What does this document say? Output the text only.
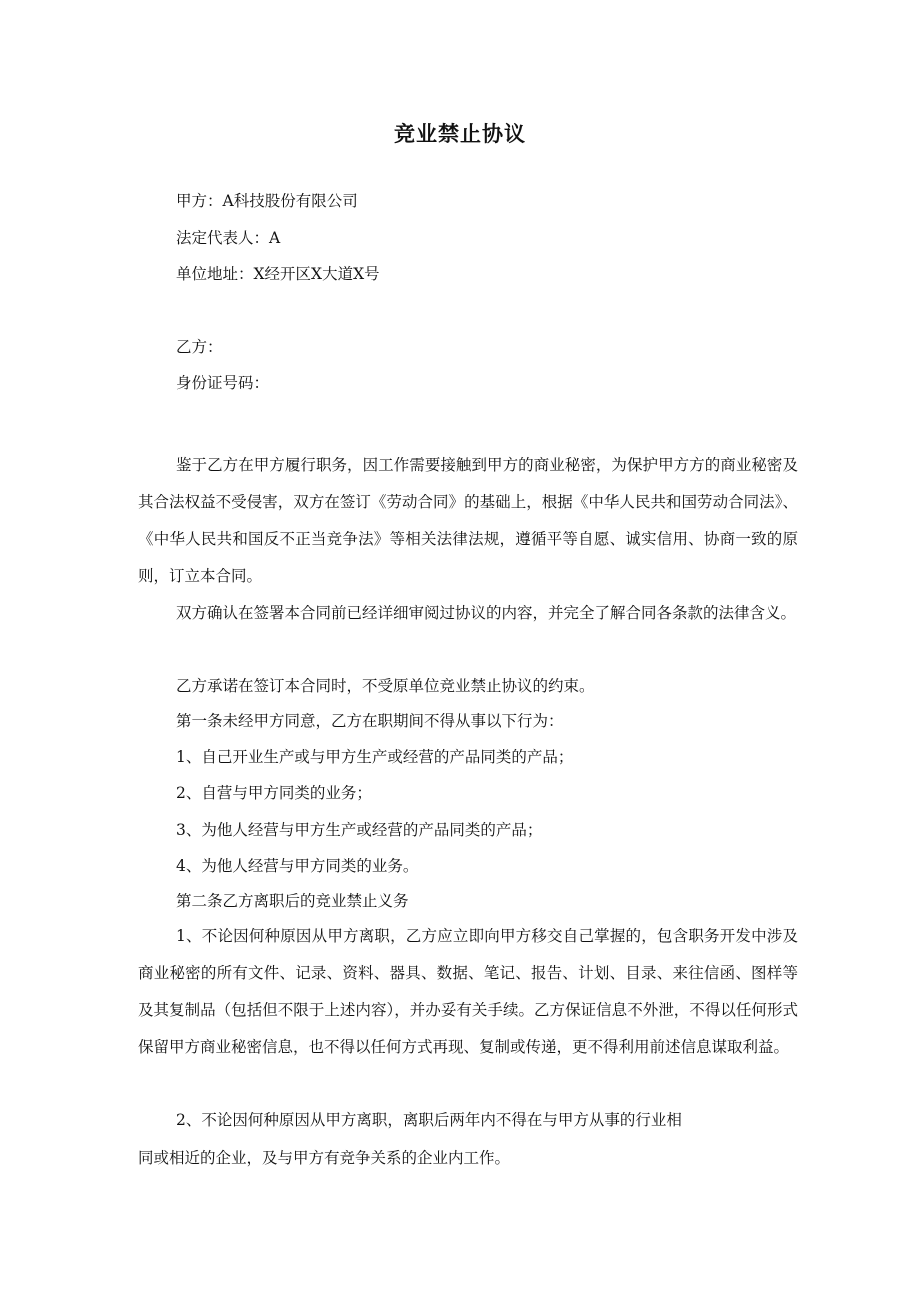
竞业禁止协议
甲方：A科技股份有限公司
法定代表人：A
单位地址：X经开区X大道X号
乙方：
身份证号码：
鉴于乙方在甲方履行职务，因工作需要接触到甲方的商业秘密，为保护甲方方的商业秘密及其合法权益不受侵害，双方在签订《劳动合同》的基础上，根据《中华人民共和国劳动合同法》、《中华人民共和国反不正当竞争法》等相关法律法规，遵循平等自愿、诚实信用、协商一致的原则，订立本合同。
双方确认在签署本合同前已经详细审阅过协议的内容，并完全了解合同各条款的法律含义。
乙方承诺在签订本合同时，不受原单位竞业禁止协议的约束。
第一条未经甲方同意，乙方在职期间不得从事以下行为：
1、自己开业生产或与甲方生产或经营的产品同类的产品；
2、自营与甲方同类的业务；
3、为他人经营与甲方生产或经营的产品同类的产品；
4、为他人经营与甲方同类的业务。
第二条乙方离职后的竞业禁止义务
1、不论因何种原因从甲方离职，乙方应立即向甲方移交自己掌握的，包含职务开发中涉及商业秘密的所有文件、记录、资料、器具、数据、笔记、报告、计划、目录、来往信函、图样等及其复制品（包括但不限于上述内容），并办妥有关手续。乙方保证信息不外泄，不得以任何形式保留甲方商业秘密信息，也不得以任何方式再现、复制或传递，更不得利用前述信息谋取利益。
2、不论因何种原因从甲方离职，离职后两年内不得在与甲方从事的行业相
同或相近的企业，及与甲方有竞争关系的企业内工作。
